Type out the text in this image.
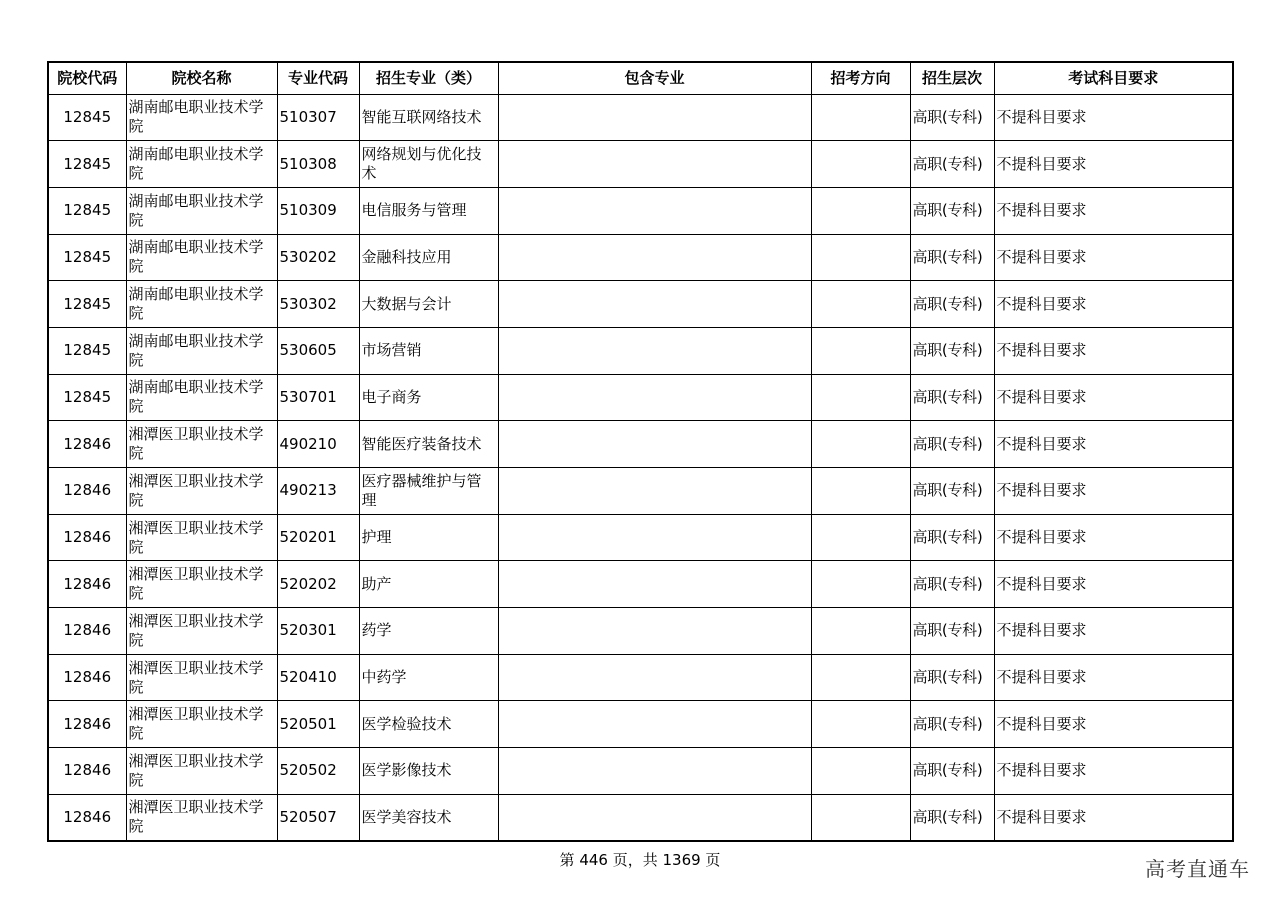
院校代码	院校名称	专业代码	招生专业（类）	包含专业	招考方向	招生层次	考试科目要求
12845	湖南邮电职业技术学院	510307	智能互联网络技术			高职(专科)	不提科目要求
12845	湖南邮电职业技术学院	510308	网络规划与优化技术			高职(专科)	不提科目要求
12845	湖南邮电职业技术学院	510309	电信服务与管理			高职(专科)	不提科目要求
12845	湖南邮电职业技术学院	530202	金融科技应用			高职(专科)	不提科目要求
12845	湖南邮电职业技术学院	530302	大数据与会计			高职(专科)	不提科目要求
12845	湖南邮电职业技术学院	530605	市场营销			高职(专科)	不提科目要求
12845	湖南邮电职业技术学院	530701	电子商务			高职(专科)	不提科目要求
12846	湘潭医卫职业技术学院	490210	智能医疗装备技术			高职(专科)	不提科目要求
12846	湘潭医卫职业技术学院	490213	医疗器械维护与管理			高职(专科)	不提科目要求
12846	湘潭医卫职业技术学院	520201	护理			高职(专科)	不提科目要求
12846	湘潭医卫职业技术学院	520202	助产			高职(专科)	不提科目要求
12846	湘潭医卫职业技术学院	520301	药学			高职(专科)	不提科目要求
12846	湘潭医卫职业技术学院	520410	中药学			高职(专科)	不提科目要求
12846	湘潭医卫职业技术学院	520501	医学检验技术			高职(专科)	不提科目要求
12846	湘潭医卫职业技术学院	520502	医学影像技术			高职(专科)	不提科目要求
12846	湘潭医卫职业技术学院	520507	医学美容技术			高职(专科)	不提科目要求
第 446 页，共 1369 页	高考直通车
